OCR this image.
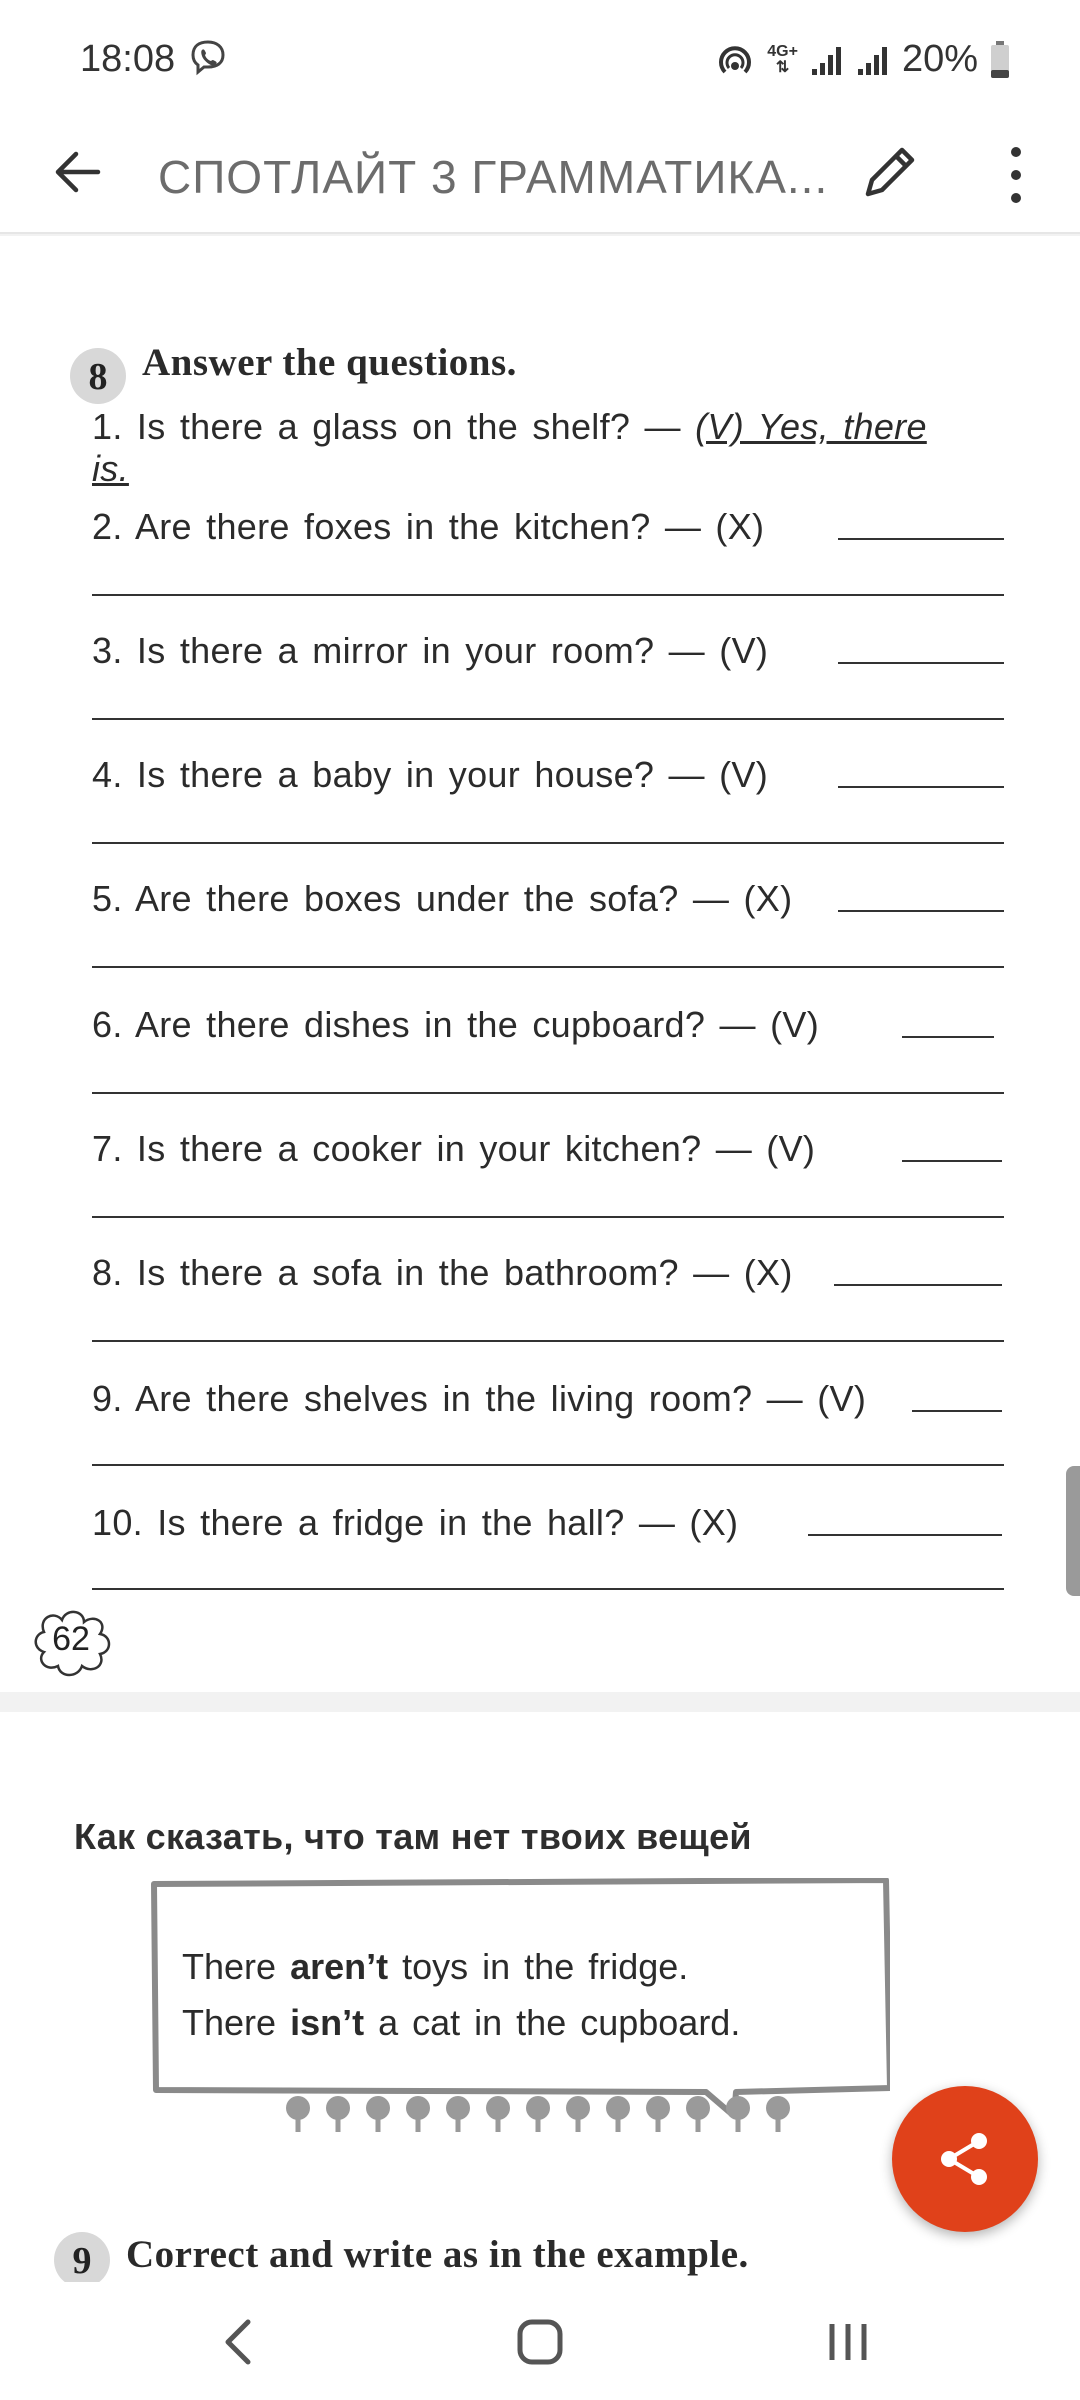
18:08	4G+
⇅	20%
СПОТЛАЙТ 3 ГРАММАТИКА...
8 Answer the questions.
1. Is there a glass on the shelf? — (V) Yes, there
is.
2. Are there foxes in the kitchen? — (X)
3. Is there a mirror in your room? — (V)
4. Is there a baby in your house? — (V)
5. Are there boxes under the sofa? — (X)
6. Are there dishes in the cupboard? — (V)
7. Is there a cooker in your kitchen? — (V)
8. Is there a sofa in the bathroom? — (X)
9. Are there shelves in the living room? — (V)
10. Is there a fridge in the hall? — (X)
62
Как сказать, что там нет твоих вещей
There aren’t toys in the fridge.
There isn’t a cat in the cupboard.
9 Correct and write as in the example.
